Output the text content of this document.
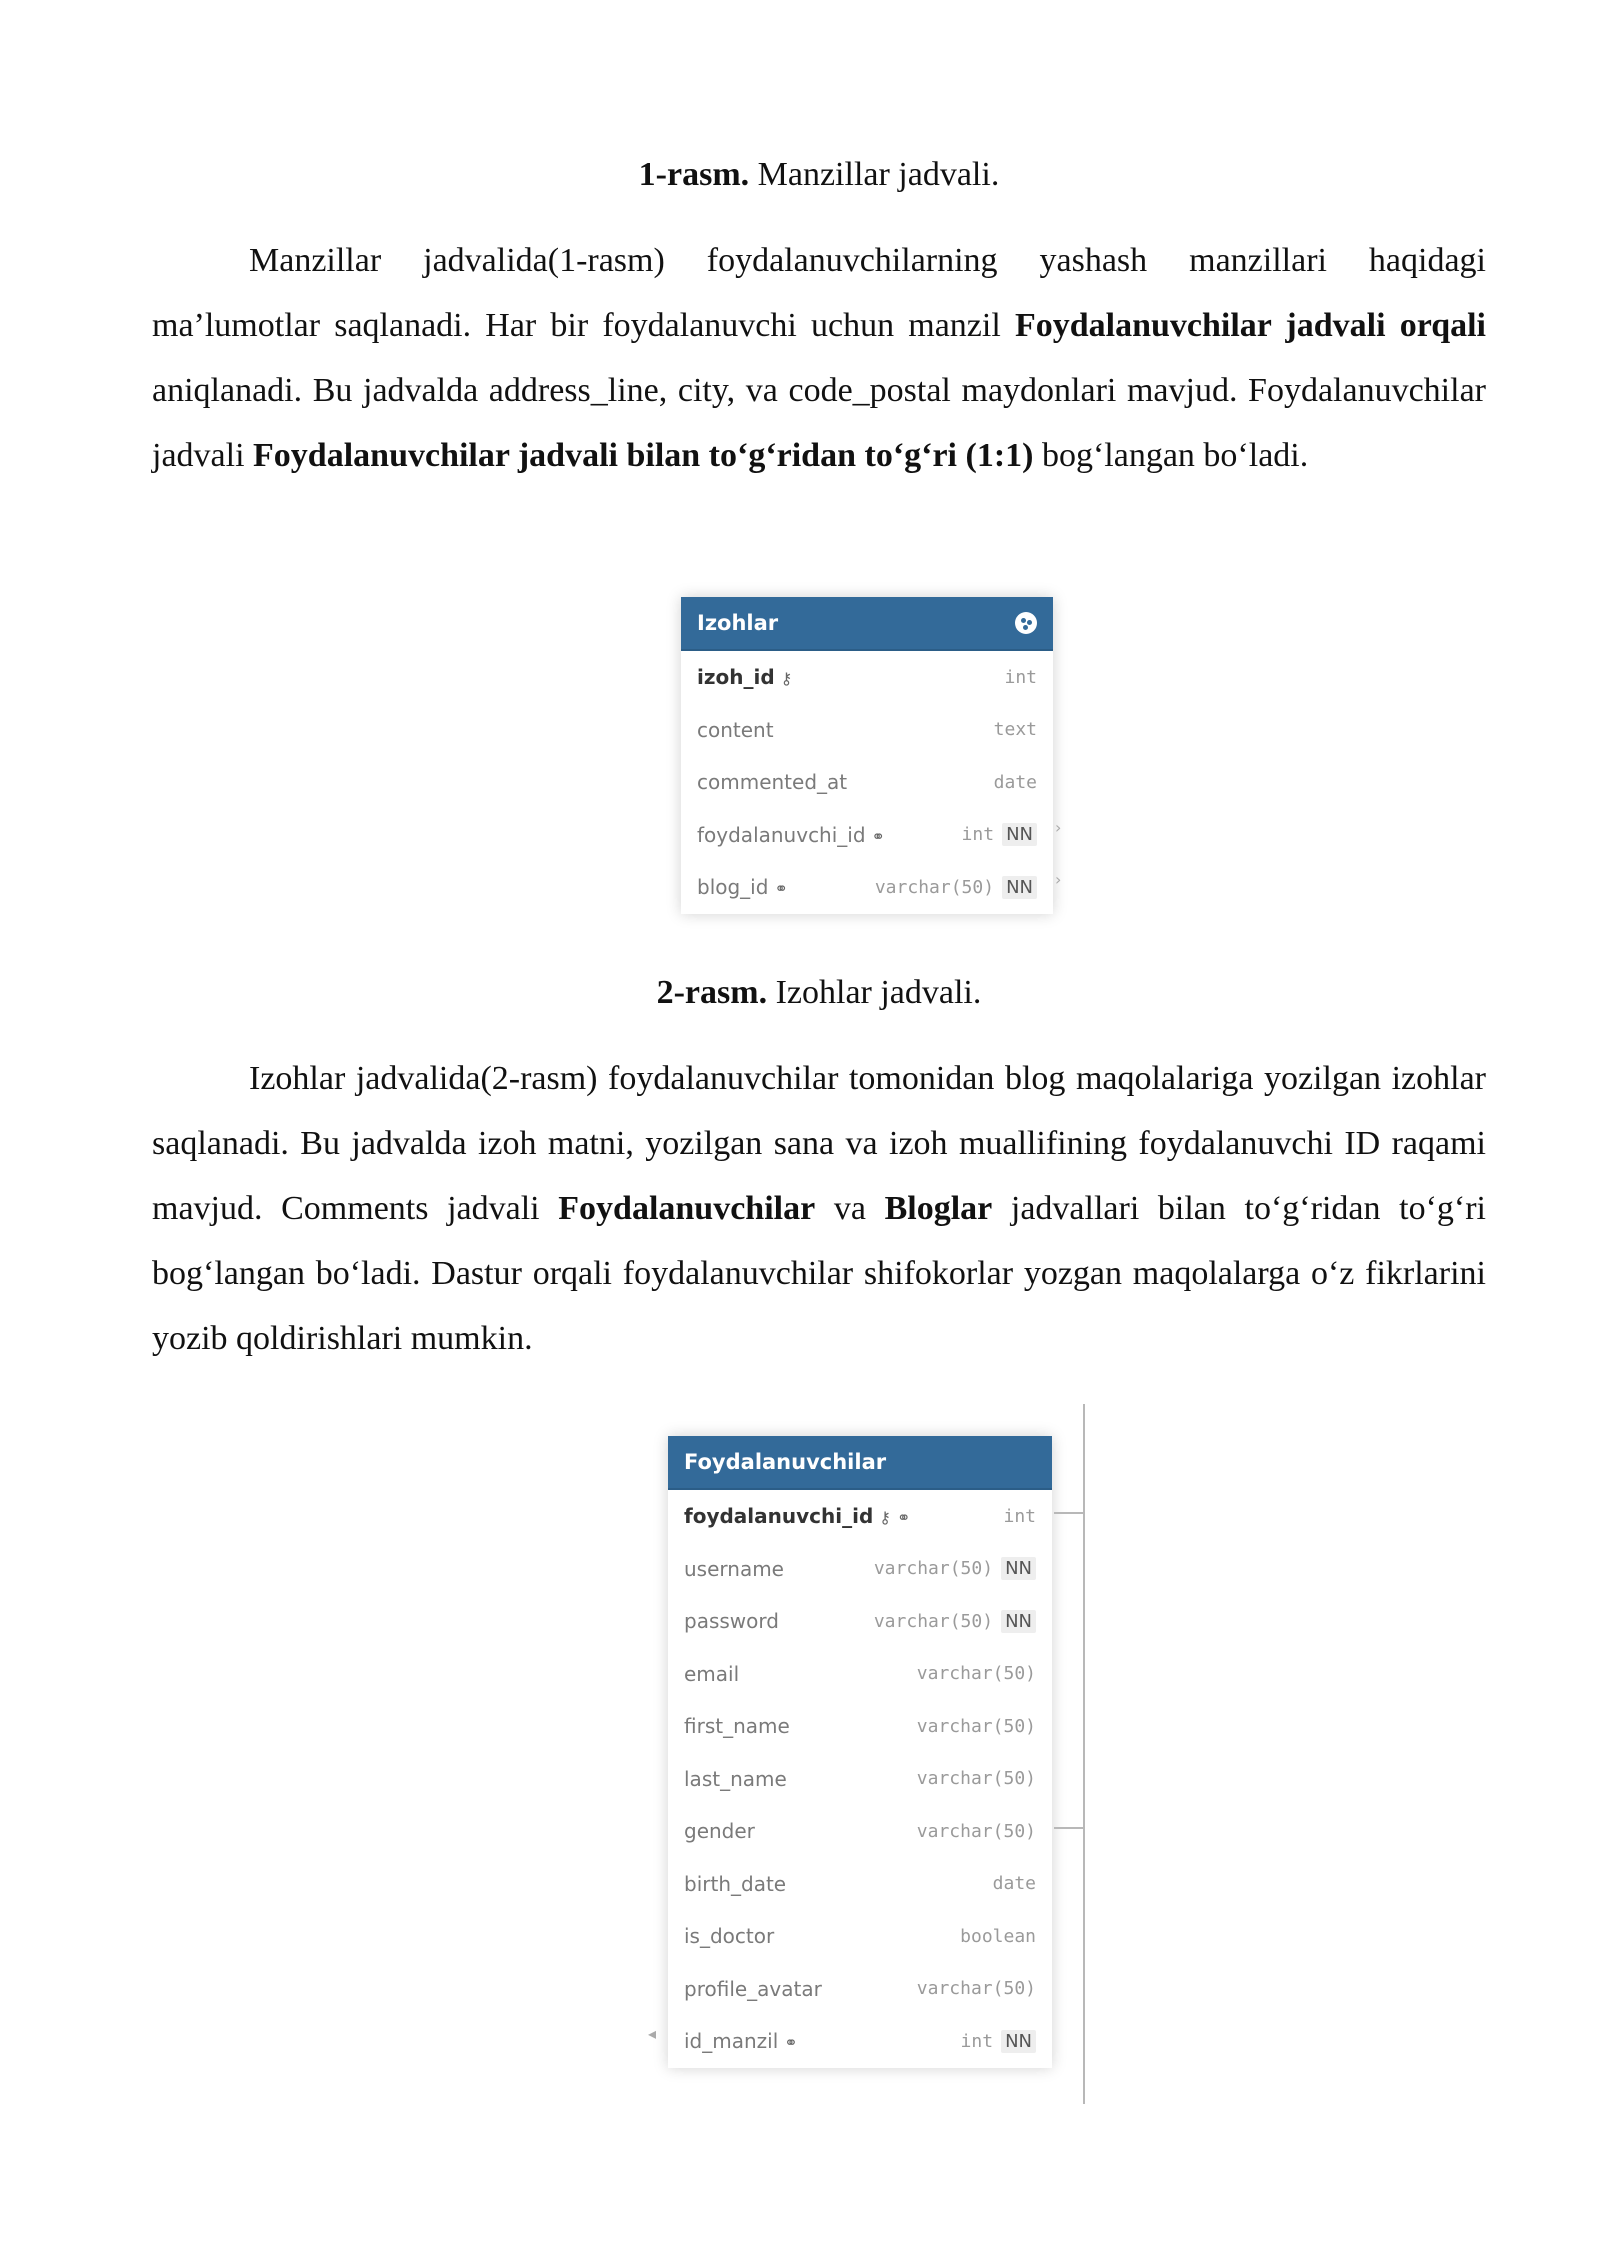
1-rasm. Manzillar jadvali.

Manzillar jadvalida(1-rasm) foydalanuvchilarning yashash manzillari haqidagi ma’lumotlar saqlanadi. Har bir foydalanuvchi uchun manzil Foydalanuvchilar jadvali orqali aniqlanadi. Bu jadvalda address_line, city, va code_postal maydonlari mavjud. Foydalanuvchilar jadvali Foydalanuvchilar jadvali bilan to‘g‘ridan to‘g‘ri (1:1) bog‘langan bo‘ladi.

Izohlar
izoh_id ⚷	int
content	text
commented_at	date
foydalanuvchi_id ⚭	int NN
blog_id ⚭	varchar(50) NN
›
›
2-rasm. Izohlar jadvali.

Izohlar jadvalida(2-rasm) foydalanuvchilar tomonidan blog maqolalariga yozilgan izohlar saqlanadi. Bu jadvalda izoh matni, yozilgan sana va izoh muallifining foydalanuvchi ID raqami mavjud. Comments jadvali Foydalanuvchilar va Bloglar jadvallari bilan to‘g‘ridan to‘g‘ri bog‘langan bo‘ladi. Dastur orqali foydalanuvchilar shifokorlar yozgan maqolalarga o‘z fikrlarini yozib qoldirishlari mumkin.

Foydalanuvchilar
foydalanuvchi_id ⚷ ⚭	int
username	varchar(50) NN
password	varchar(50) NN
email	varchar(50)
first_name	varchar(50)
last_name	varchar(50)
gender	varchar(50)
birth_date	date
is_doctor	boolean
profile_avatar	varchar(50)
id_manzil ⚭	int NN
◂
